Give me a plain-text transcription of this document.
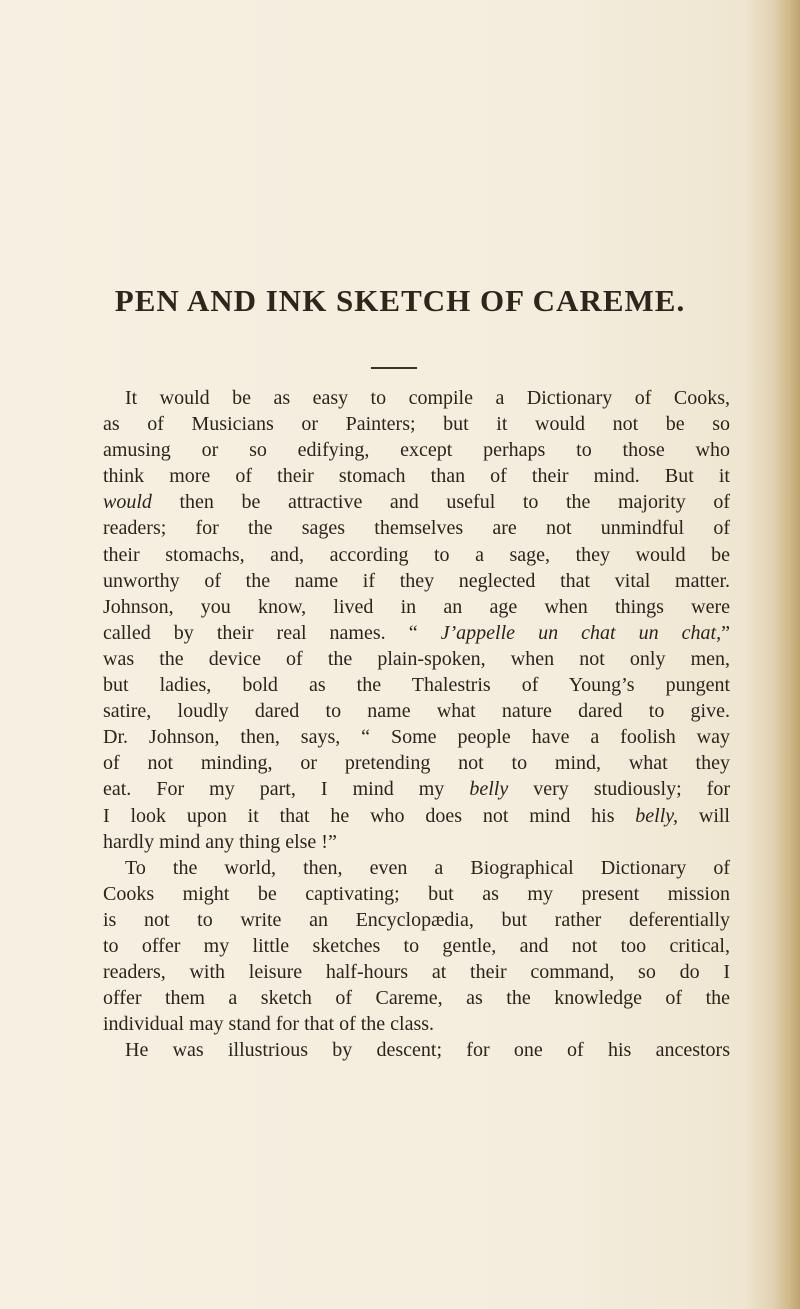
PEN AND INK SKETCH OF CAREME.
It would be as easy to compile a Dictionary of Cooks,
as of Musicians or Painters; but it would not be so
amusing or so edifying, except perhaps to those who
think more of their stomach than of their mind. But it
would then be attractive and useful to the majority of
readers; for the sages themselves are not unmindful of
their stomachs, and, according to a sage, they would be
unworthy of the name if they neglected that vital matter.
Johnson, you know, lived in an age when things were
called by their real names. “ J’appelle un chat un chat,”
was the device of the plain-spoken, when not only men,
but ladies, bold as the Thalestris of Young’s pungent
satire, loudly dared to name what nature dared to give.
Dr. Johnson, then, says, “ Some people have a foolish way
of not minding, or pretending not to mind, what they
eat. For my part, I mind my belly very studiously; for
I look upon it that he who does not mind his belly, will
hardly mind any thing else !”
To the world, then, even a Biographical Dictionary of
Cooks might be captivating; but as my present mission
is not to write an Encyclopædia, but rather deferentially
to offer my little sketches to gentle, and not too critical,
readers, with leisure half-hours at their command, so do I
offer them a sketch of Careme, as the knowledge of the
individual may stand for that of the class.
He was illustrious by descent; for one of his ancestors
